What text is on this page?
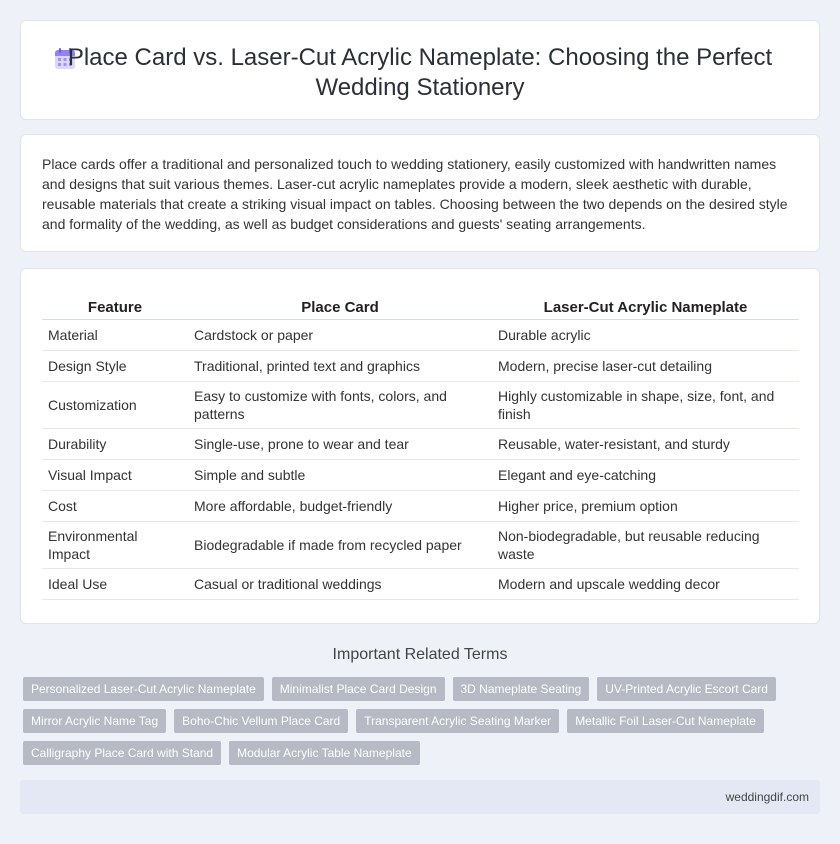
Place Card vs. Laser-Cut Acrylic Nameplate: Choosing the Perfect
Wedding Stationery

Place cards offer a traditional and personalized touch to wedding stationery, easily customized with handwritten names and designs that suit various themes. Laser-cut acrylic nameplates provide a modern, sleek aesthetic with durable, reusable materials that create a striking visual impact on tables. Choosing between the two depends on the desired style and formality of the wedding, as well as budget considerations and guests' seating arrangements.

Feature	Place Card	Laser-Cut Acrylic Nameplate
Material	Cardstock or paper	Durable acrylic
Design Style	Traditional, printed text and graphics	Modern, precise laser-cut detailing
Customization	Easy to customize with fonts, colors, and patterns	Highly customizable in shape, size, font, and finish
Durability	Single-use, prone to wear and tear	Reusable, water-resistant, and sturdy
Visual Impact	Simple and subtle	Elegant and eye-catching
Cost	More affordable, budget-friendly	Higher price, premium option
Environmental Impact	Biodegradable if made from recycled paper	Non-biodegradable, but reusable reducing waste
Ideal Use	Casual or traditional weddings	Modern and upscale wedding decor
Important Related Terms
Personalized Laser-Cut Acrylic Nameplate	Minimalist Place Card Design	3D Nameplate Seating	UV-Printed Acrylic Escort Card
Mirror Acrylic Name Tag	Boho-Chic Vellum Place Card	Transparent Acrylic Seating Marker	Metallic Foil Laser-Cut Nameplate
Calligraphy Place Card with Stand	Modular Acrylic Table Nameplate
weddingdif.com
